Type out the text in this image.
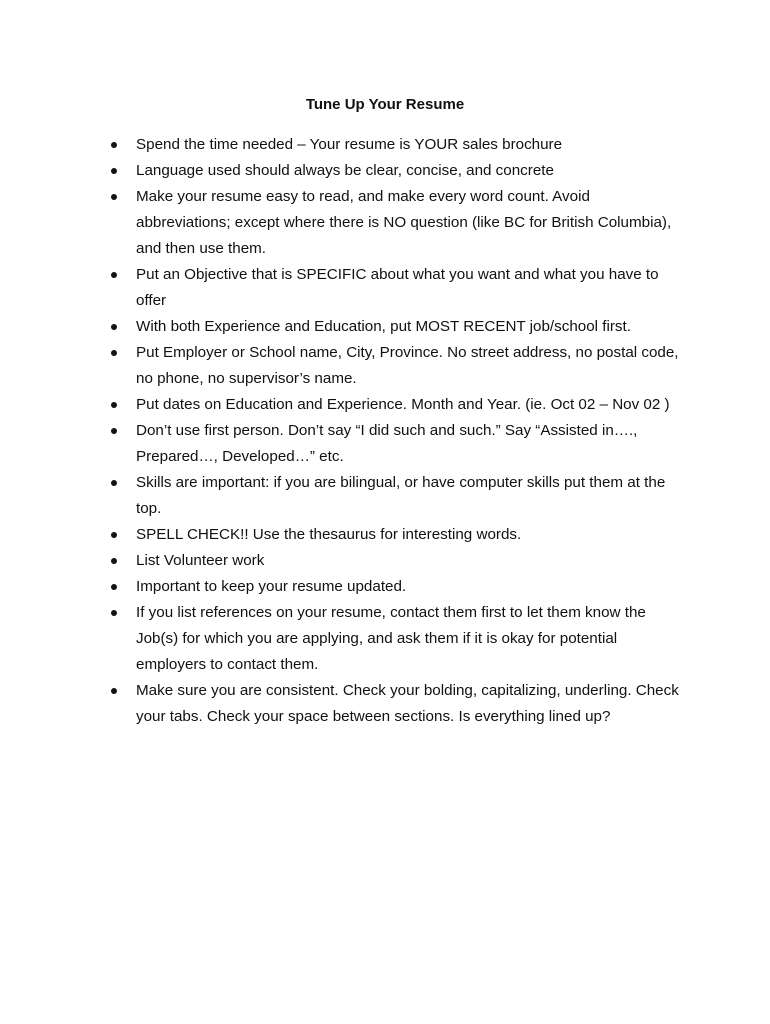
Tune Up Your Resume
Spend the time needed – Your resume is YOUR sales brochure
Language used should always be clear, concise, and concrete
Make your resume easy to read, and make every word count. Avoid abbreviations; except where there is NO question (like BC for British Columbia), and then use them.
Put an Objective that is SPECIFIC about what you want and what you have to offer
With both Experience and Education, put MOST RECENT job/school first.
Put Employer or School name, City, Province. No street address, no postal code, no phone, no supervisor’s name.
Put dates on Education and Experience. Month and Year. (ie. Oct 02 – Nov 02 )
Don’t use first person. Don’t say “I did such and such.” Say “Assisted in…., Prepared…, Developed…” etc.
Skills are important: if you are bilingual, or have computer skills put them at the top.
SPELL CHECK!! Use the thesaurus for interesting words.
List Volunteer work
Important to keep your resume updated.
If you list references on your resume, contact them first to let them know the Job(s) for which you are applying, and ask them if it is okay for potential employers to contact them.
Make sure you are consistent. Check your bolding, capitalizing, underling. Check your tabs. Check your space between sections. Is everything lined up?
